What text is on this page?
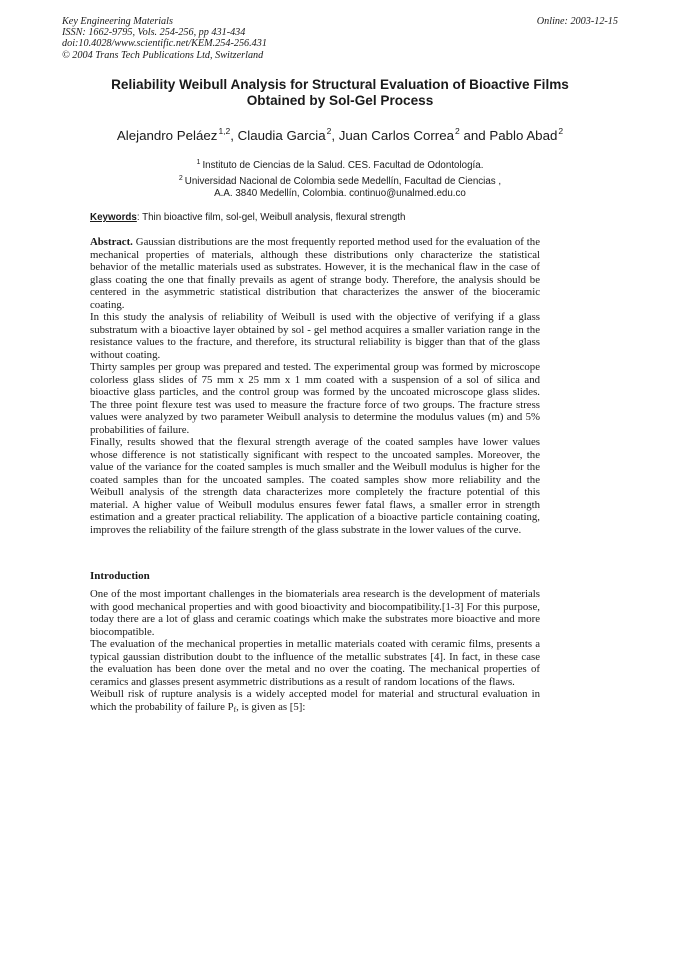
Key Engineering Materials
ISSN: 1662-9795, Vols. 254-256, pp 431-434
doi:10.4028/www.scientific.net/KEM.254-256.431
© 2004 Trans Tech Publications Ltd, Switzerland
Online: 2003-12-15
Reliability Weibull Analysis for Structural Evaluation of Bioactive Films
Obtained by Sol-Gel Process
Alejandro Peláez$^{1,2}$, Claudia Garcia$^2$, Juan Carlos Correa$^2$ and Pablo Abad$^2$
$^1$ Instituto de Ciencias de la Salud. CES. Facultad de Odontología.
$^2$ Universidad Nacional de Colombia sede Medellín, Facultad de Ciencias ,
A.A. 3840 Medellín, Colombia. continuo@unalmed.edu.co
Keywords: Thin bioactive film, sol-gel, Weibull analysis, flexural strength

Abstract. Gaussian distributions are the most frequently reported method used for the evaluation of the mechanical properties of materials, although these distributions only characterize the statistical behavior of the metallic materials used as substrates. However, it is the mechanical flaw in the case of glass coating the one that finally prevails as agent of strange body. Therefore, the analysis should be centered in the asymmetric statistical distribution that characterizes the answer of the bioceramic coating.

In this study the analysis of reliability of Weibull is used with the objective of verifying if a glass substratum with a bioactive layer obtained by sol - gel method acquires a smaller variation range in the resistance values to the fracture, and therefore, its structural reliability is bigger than that of the glass without coating.

Thirty samples per group was prepared and tested. The experimental group was formed by microscope colorless glass slides of 75 mm x 25 mm x 1 mm coated with a suspension of a sol of silica and bioactive glass particles, and the control group was formed by the uncoated microscope glass slides. The three point flexure test was used to measure the fracture force of two groups. The fracture stress values were analyzed by two parameter Weibull analysis to determine the modulus values (m) and 5% probabilities of failure.

Finally, results showed that the flexural strength average of the coated samples have lower values whose difference is not statistically significant with respect to the uncoated samples. Moreover, the value of the variance for the coated samples is much smaller and the Weibull modulus is higher for the coated samples than for the uncoated samples. The coated samples show more reliability and the Weibull analysis of the strength data characterizes more completely the fracture potential of this material. A higher value of Weibull modulus ensures fewer fatal flaws, a smaller error in strength estimation and a greater practical reliability. The application of a bioactive particle containing coating, improves the reliability of the failure strength of the glass substrate in the lower values of the curve.

Introduction

One of the most important challenges in the biomaterials area research is the development of materials with good mechanical properties and with good bioactivity and biocompatibility.[1-3] For this purpose, today there are a lot of glass and ceramic coatings which make the substrates more bioactive and more biocompatible.

The evaluation of the mechanical properties in metallic materials coated with ceramic films, presents a typical gaussian distribution doubt to the influence of the metallic substrates [4]. In fact, in these case the evaluation has been done over the metal and no over the coating. The mechanical properties of ceramics and glasses present asymmetric distributions as a result of random locations of the flaws.

Weibull risk of rupture analysis is a widely accepted model for material and structural evaluation in which the probability of failure $P_f$, is given as [5]:
